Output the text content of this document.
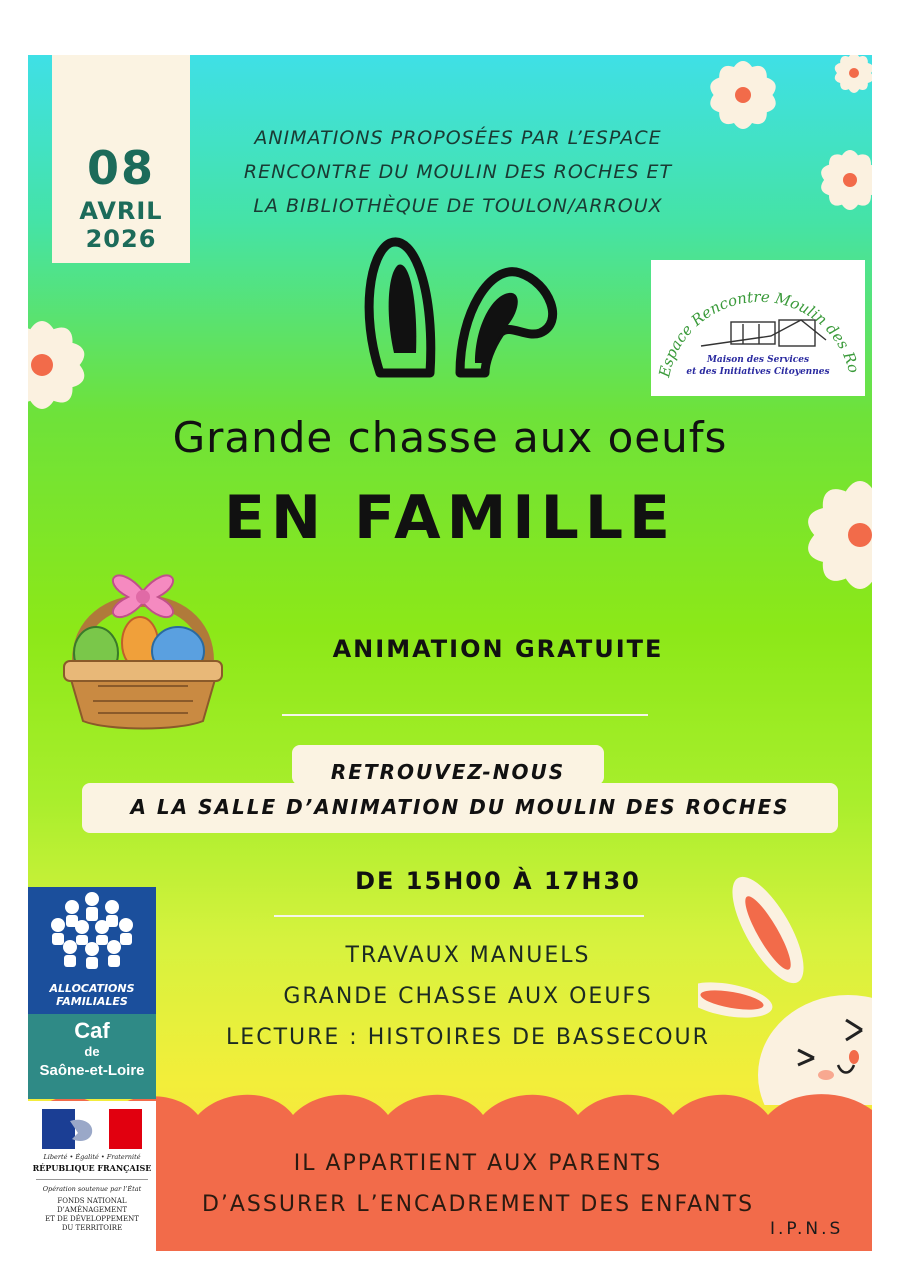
08
AVRIL
2026
ANIMATIONS PROPOSÉES PAR L’ESPACE
RENCONTRE DU MOULIN DES ROCHES ET
LA BIBLIOTHÈQUE DE TOULON/ARROUX
Espace Rencontre Moulin des Ro
Maison des Services
et des Initiatives Citoyennes
Grande chasse aux oeufs
EN FAMILLE
ANIMATION GRATUITE
RETROUVEZ-NOUS
A LA SALLE D’ANIMATION DU MOULIN DES ROCHES
DE 15H00 À 17H30
TRAVAUX MANUELS
GRANDE CHASSE AUX OEUFS
LECTURE : HISTOIRES DE BASSECOUR
IL APPARTIENT AUX PARENTS
D’ASSURER L’ENCADREMENT DES ENFANTS
I.P.N.S
ALLOCATIONS
FAMILIALES
Caf
de
Saône-et-Loire
Liberté • Égalité • Fraternité
RÉPUBLIQUE FRANÇAISE
Opération soutenue par l’État
FONDS NATIONAL
D’AMÉNAGEMENT
ET DE DÉVELOPPEMENT
DU TERRITOIRE
